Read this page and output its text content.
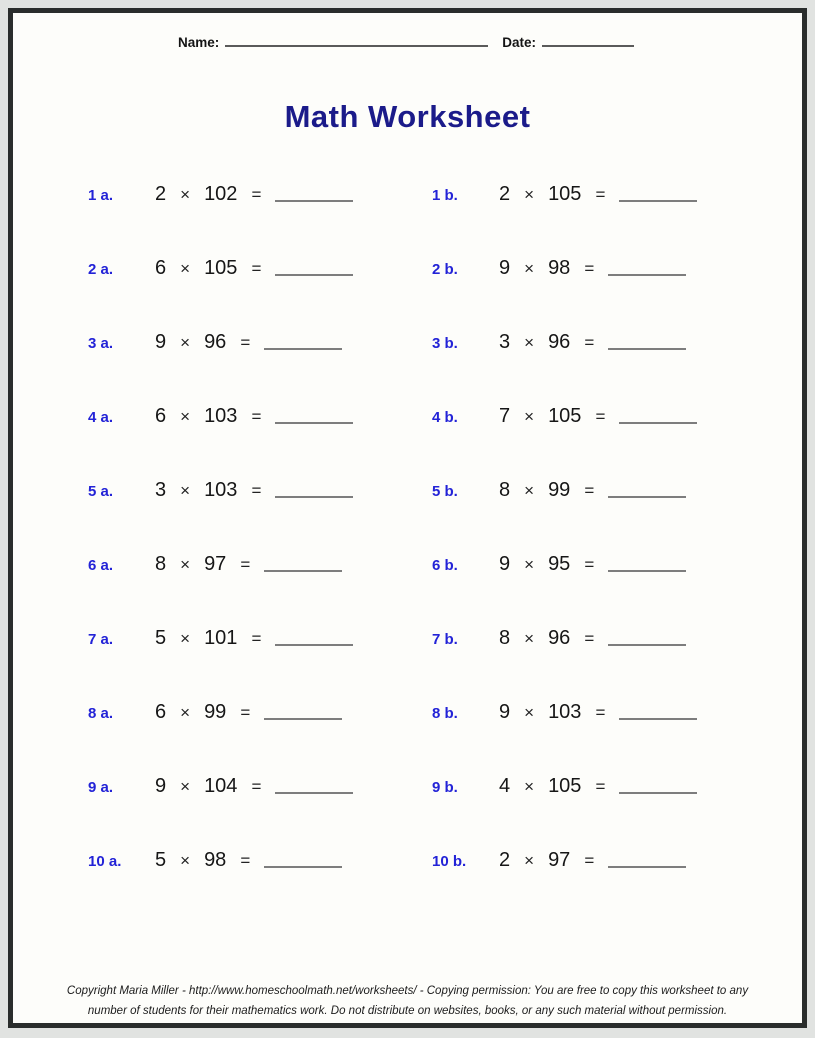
Name:	Date:
Math Worksheet
1 a.	2 × 102 =	1 b.	2 × 105 =
2 a.	6 × 105 =	2 b.	9 × 98 =
3 a.	9 × 96 =	3 b.	3 × 96 =
4 a.	6 × 103 =	4 b.	7 × 105 =
5 a.	3 × 103 =	5 b.	8 × 99 =
6 a.	8 × 97 =	6 b.	9 × 95 =
7 a.	5 × 101 =	7 b.	8 × 96 =
8 a.	6 × 99 =	8 b.	9 × 103 =
9 a.	9 × 104 =	9 b.	4 × 105 =
10 a.	5 × 98 =	10 b.	2 × 97 =
Copyright Maria Miller - http://www.homeschoolmath.net/worksheets/ - Copying permission: You are free to copy this worksheet to any
number of students for their mathematics work. Do not distribute on websites, books, or any such material without permission.
